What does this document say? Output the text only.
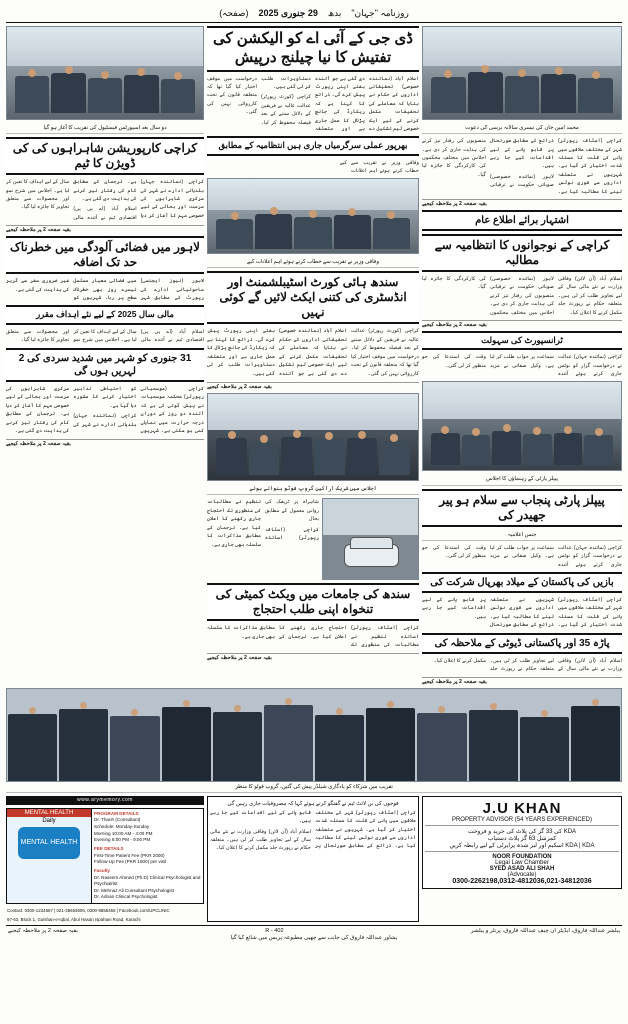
روزنامہ "جہان"
بدھ
29 جنوری 2025
(صفحہ)
محمد امین خان کی تیسری سالانہ برسی کی دعوت

کراچی (اسٹاف رپورٹر) شہر کے مختلف علاقوں میں پانی کی قلت کا مسئلہ شدت اختیار کر گیا ہے۔ شہریوں نے متعلقہ اداروں سے فوری نوٹس لینے کا مطالبہ کیا ہے۔ ذرائع کے مطابق صورتحال پر قابو پانے کے لیے اقدامات کیے جا رہے ہیں۔

لاہور (نمائندہ خصوصی) صوبائی حکومت نے ترقیاتی منصوبوں کی رفتار تیز کرنے کی ہدایت جاری کر دی ہے۔ اجلاس میں مختلف محکموں کی کارکردگی کا جائزہ لیا گیا۔

بقیہ صفحہ 2 پر ملاحظہ کیجیے
اشتہار برائے اطلاع عام
کراچی کے نوجوانوں کا انتظامیہ سے مطالبہ

اسلام آباد (آن لائن) وفاقی وزارت نے نئے مالی سال کے لیے تجاویز طلب کر لی ہیں۔ متعلقہ حکام نے رپورٹ جلد مکمل کرنے کا اعلان کیا۔

لاہور (نمائندہ خصوصی) صوبائی حکومت نے ترقیاتی منصوبوں کی رفتار تیز کرنے کی ہدایت جاری کر دی ہے۔ اجلاس میں مختلف محکموں کی کارکردگی کا جائزہ لیا گیا۔

بقیہ صفحہ 2 پر ملاحظہ کیجیے
ٹرانسپورٹ کی سہولت

کراچی (نمائندہ جہان) عدالت نے درخواست گزار کو نوٹس جاری کرتے ہوئے آئندہ سماعت پر جواب طلب کر لیا ہے۔ وکیل صفائی نے مزید وقت کی استدعا کی جو منظور کر لی گئی۔

پیپلز پارٹی کے رہنماؤں کا اجلاس
پیپلز پارٹی پنجاب سے سلام ہو پیر جھیدر کی
جنس اعلامیہ

کراچی (نمائندہ جہان) عدالت نے درخواست گزار کو نوٹس جاری کرتے ہوئے آئندہ سماعت پر جواب طلب کر لیا ہے۔ وکیل صفائی نے مزید وقت کی استدعا کی جو منظور کر لی گئی۔

بازیں کی پاکستان کے میلاد بھرپال شرکت کی

کراچی (اسٹاف رپورٹر) شہر کے مختلف علاقوں میں پانی کی قلت کا مسئلہ شدت اختیار کر گیا ہے۔ شہریوں نے متعلقہ اداروں سے فوری نوٹس لینے کا مطالبہ کیا ہے۔ ذرائع کے مطابق صورتحال پر قابو پانے کے لیے اقدامات کیے جا رہے ہیں۔

پاڑہ 35 اور پاکستانی ڈیوٹی کے ملاحظہ کی

اسلام آباد (آن لائن) وفاقی وزارت نے نئے مالی سال کے لیے تجاویز طلب کر لی ہیں۔ متعلقہ حکام نے رپورٹ جلد مکمل کرنے کا اعلان کیا۔

بقیہ صفحہ 2 پر ملاحظہ کیجیے
ڈی جی کے آئی اے کو الیکشن کی تفتیش کا نیا چیلنج درپیش

اسلام آباد (نمائندہ خصوصی) تحقیقاتی اداروں کے حکام نے بتایا کہ معاملے کی تحقیقات مکمل کرنے کے لیے ایک خصوصی ٹیم تشکیل دے دی گئی ہے جو آئندہ ہفتے اپنی رپورٹ پیش کرے گی۔ ذرائع کا کہنا ہے کہ ریکارڈ کی جانچ پڑتال کا عمل جاری ہے اور متعلقہ دستاویزات طلب کر لی گئی ہیں۔

کراچی (کورٹ رپورٹر) عدالت عالیہ نے فریقین کے دلائل سننے کے بعد فیصلہ محفوظ کر لیا۔ درخواست میں موقف اختیار کیا گیا تھا کہ متعلقہ قانون کے تحت کارروائی نہیں کی گئی۔

بھرپور عملی سرگرمیاں جاری ہیں انتظامیہ کے مطابق

وفاقی وزیر نے تقریب سے خطاب کرتے ہوئے اہم اعلانات کیے

وفاقی وزیر نے تقریب سے خطاب کرتے ہوئے اہم اعلانات کیے
سندھ ہائی کورٹ اسٹیبلشمنٹ اور انڈسٹری کی کتنی ایکٹ لائیں گے کوئی نہیں

کراچی (کورٹ رپورٹر) عدالت عالیہ نے فریقین کے دلائل سننے کے بعد فیصلہ محفوظ کر لیا۔ درخواست میں موقف اختیار کیا گیا تھا کہ متعلقہ قانون کے تحت کارروائی نہیں کی گئی۔

اسلام آباد (نمائندہ خصوصی) تحقیقاتی اداروں کے حکام نے بتایا کہ معاملے کی تحقیقات مکمل کرنے کے لیے ایک خصوصی ٹیم تشکیل دے دی گئی ہے جو آئندہ ہفتے اپنی رپورٹ پیش کرے گی۔ ذرائع کا کہنا ہے کہ ریکارڈ کی جانچ پڑتال کا عمل جاری ہے اور متعلقہ دستاویزات طلب کر لی گئی ہیں۔

بقیہ صفحہ 2 پر ملاحظہ کیجیے
اجلاس میں شریک اراکین گروپ فوٹو بنواتے ہوئے

شاہراہ پر ٹریفک کی روانی معمول کے مطابق بحال

کراچی (اسٹاف رپورٹر) اساتذہ تنظیم نے مطالبات کی منظوری تک احتجاج جاری رکھنے کا اعلان کیا ہے۔ ترجمان کے مطابق مذاکرات کا سلسلہ بھی جاری ہے۔

سندھ کی جامعات میں ویکٹ کمیٹی کی تنخواہ اپنی طلب احتجاج

کراچی (اسٹاف رپورٹر) اساتذہ تنظیم نے مطالبات کی منظوری تک احتجاج جاری رکھنے کا اعلان کیا ہے۔ ترجمان کے مطابق مذاکرات کا سلسلہ بھی جاری ہے۔

بقیہ صفحہ 2 پر ملاحظہ کیجیے
دو سال بعد اسپورٹس فیسٹیول کی تقریب کا آغاز ہو گیا
کراچی کارپوریشن شاہراہوں کی کی ڈویژن کا ٹیم

کراچی (نمائندہ جہان) بلدیاتی ادارے نے شہر کی مرکزی شاہراہوں کی مرمت اور بحالی کے لیے خصوصی مہم کا آغاز کر دیا ہے۔ ترجمان کے مطابق کام کی رفتار تیز کرنے کی ہدایت دی گئی ہے۔

اسلام آباد (اے پی پی) اقتصادی ٹیم نے آئندہ مالی سال کے لیے اہداف کا تعین کر لیا ہے۔ اجلاس میں شرح نمو اور محصولات سے متعلق تجاویز کا جائزہ لیا گیا۔

بقیہ صفحہ 2 پر ملاحظہ کیجیے
لاہور میں فضائی آلودگی میں خطرناک حد تک اضافہ

لاہور (نیوز ایجنسی) ماحولیاتی ادارے کی رپورٹ کے مطابق شہر میں فضائی معیار مسلسل تیسرے روز بھی خطرناک سطح پر رہا۔ شہریوں کو غیر ضروری سفر سے گریز کی ہدایت کی گئی ہے۔

مالی سال 2025 کے لیے نئے اہداف مقرر

اسلام آباد (اے پی پی) اقتصادی ٹیم نے آئندہ مالی سال کے لیے اہداف کا تعین کر لیا ہے۔ اجلاس میں شرح نمو اور محصولات سے متعلق تجاویز کا جائزہ لیا گیا۔

31 جنوری کو شہر میں شدید سردی کی 2 لہریں ہوں گی

کراچی (موسمیاتی رپورٹر) محکمہ موسمیات نے پیش گوئی کی ہے کہ آئندہ دو روز کے دوران درجہ حرارت میں نمایاں کمی ہو سکتی ہے۔ شہریوں کو احتیاطی تدابیر اختیار کرنے کا مشورہ دیا گیا ہے۔

کراچی (نمائندہ جہان) بلدیاتی ادارے نے شہر کی مرکزی شاہراہوں کی مرمت اور بحالی کے لیے خصوصی مہم کا آغاز کر دیا ہے۔ ترجمان کے مطابق کام کی رفتار تیز کرنے کی ہدایت دی گئی ہے۔

بقیہ صفحہ 2 پر ملاحظہ کیجیے
تقریب میں شرکاء کو یادگاری شیلڈز پیش کی گئیں، گروپ فوٹو کا منظر
J.U KHAN
PROPERTY ADVISOR (54 YEARS EXPERIENCED)
KDA کی 33 گز کی پلاٹ کی خرید و فروخت
کمرشل 63 گز پلاٹ دستیاب
KDA | KDA اسکیم اور لیز شدہ پراپرٹی کے لیے رابطہ کریں
NOOR FOUNDATION
Legal Law Chamber
SYED ASAD ALI SHAH
(Advocate)
0300-2262198,0312-4812036,021-34812036
فوجوں کی بن لائٹ ٹیم نے گفتگو کرتے ہوئے کہا کہ مصروفیات جاری رہیں گی

کراچی (اسٹاف رپورٹر) شہر کے مختلف علاقوں میں پانی کی قلت کا مسئلہ شدت اختیار کر گیا ہے۔ شہریوں نے متعلقہ اداروں سے فوری نوٹس لینے کا مطالبہ کیا ہے۔ ذرائع کے مطابق صورتحال پر قابو پانے کے لیے اقدامات کیے جا رہے ہیں۔

اسلام آباد (آن لائن) وفاقی وزارت نے نئے مالی سال کے لیے تجاویز طلب کر لی ہیں۔ متعلقہ حکام نے رپورٹ جلد مکمل کرنے کا اعلان کیا۔

www.arymemory.com
PROGRAM DETAILS
Dr. Thanh (Consultant)
Schedule: Monday-Sunday
Morning 10:00 AM - 4:00 PM
Evening 6:00 PM - 9:00 PM
FEE DETAILS
First-Time Patient Fee (PKR 2000)
Follow-Up Fee (PKR 1500) per visit
Faculty
Dr. Naseem Ahmed (Ph.D) Clinical Psychologist and Psychiatrist
Dr. Mehnaz Ali Consultant Psychologist
Dr. Adnan Clinical Psychologist
MENTAL HEALTH
Daily
MENTAL HEALTH
Contact: 0300-1234567 | 021-35663606, 0300-9855456 | Facebook.com/UPCLINIC
97-63, Block 1, Gulshan-e-Iqbal, Abul Hasan Ispahani Road, Karachi
پبلشر عبداللہ فاروق، ایڈیٹر ان چیف عبداللہ فاروق، پرنٹر و پبلشر
R - 402
بقیہ صفحہ 2 پر ملاحظہ کیجیے
پشاور عبداللہ فاروق کی جانب سے چھپی مطبوعہ پریس میں شائع کیا گیا
